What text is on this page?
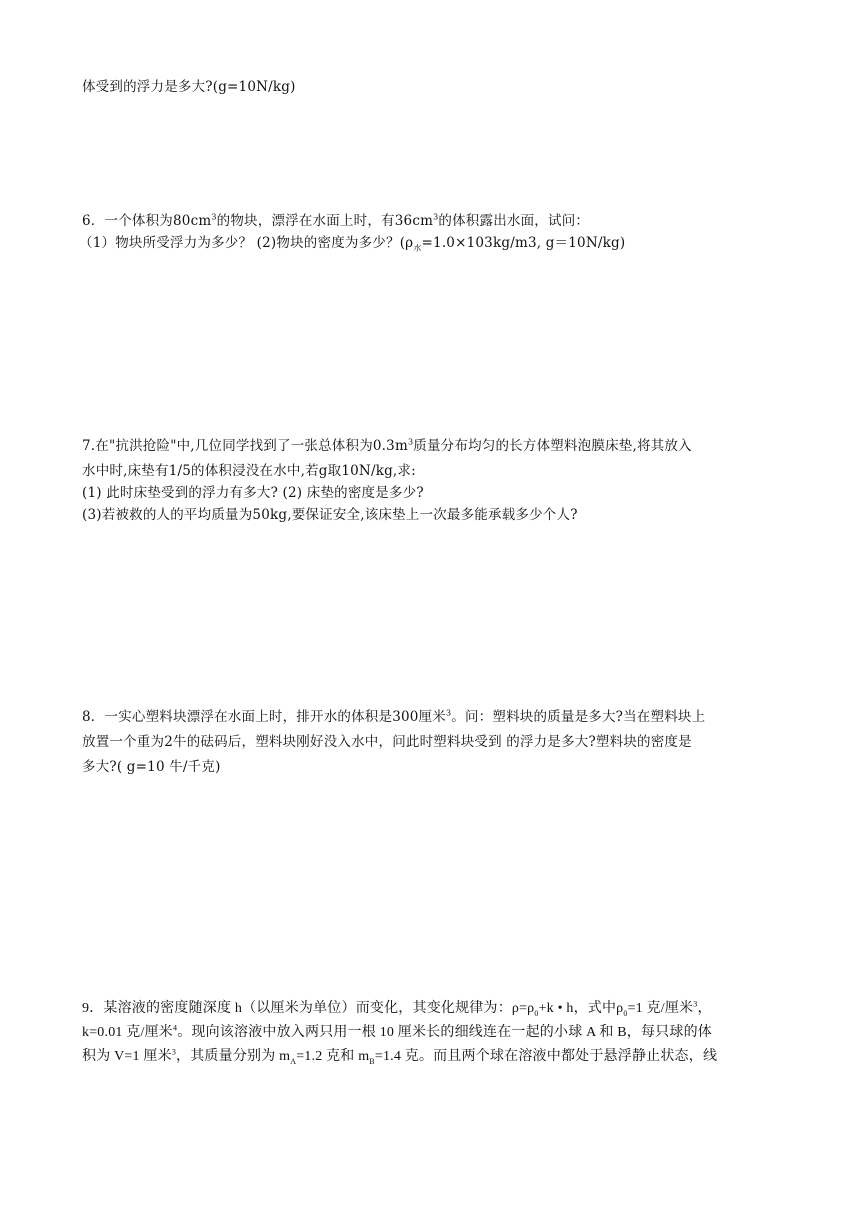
体受到的浮力是多大?(g=10N/kg)
6．一个体积为$80cm^3$的物块，漂浮在水面上时，有$36cm^3$的体积露出水面，试问：
（1）物块所受浮力为多少？ (2)物块的密度为多少？($\rho_水=1.0\times 103kg/m3$, g＝10N/kg)
7.在"抗洪抢险"中,几位同学找到了一张总体积为$0.3m^3$质量分布均匀的长方体塑料泡膜床垫,将其放入
水中时,床垫有1/5的体积浸没在水中,若g取10N/kg,求:
(1) 此时床垫受到的浮力有多大? (2) 床垫的密度是多少?
(3)若被救的人的平均质量为50kg,要保证安全,该床垫上一次最多能承载多少个人?
8．一实心塑料块漂浮在水面上时，排开水的体积是300厘米$^3$。问：塑料块的质量是多大?当在塑料块上
放置一个重为2牛的砝码后，塑料块刚好没入水中，问此时塑料块受到 的浮力是多大?塑料块的密度是
多大?( g=10 牛/千克)
9．某溶液的密度随深度 h（以厘米为单位）而变化，其变化规律为：$\rho=\rho_0+k$ • h，式中$\rho_0=1$ 克/厘米$^3$，
k=0.01 克/厘米$^4$。现向该溶液中放入两只用一根 10 厘米长的细线连在一起的小球 A 和 B，每只球的体
积为 V=1 厘米$^3$，其质量分别为 $m_A=1.2$ 克和 $m_B=1.4$ 克。而且两个球在溶液中都处于悬浮静止状态，线
